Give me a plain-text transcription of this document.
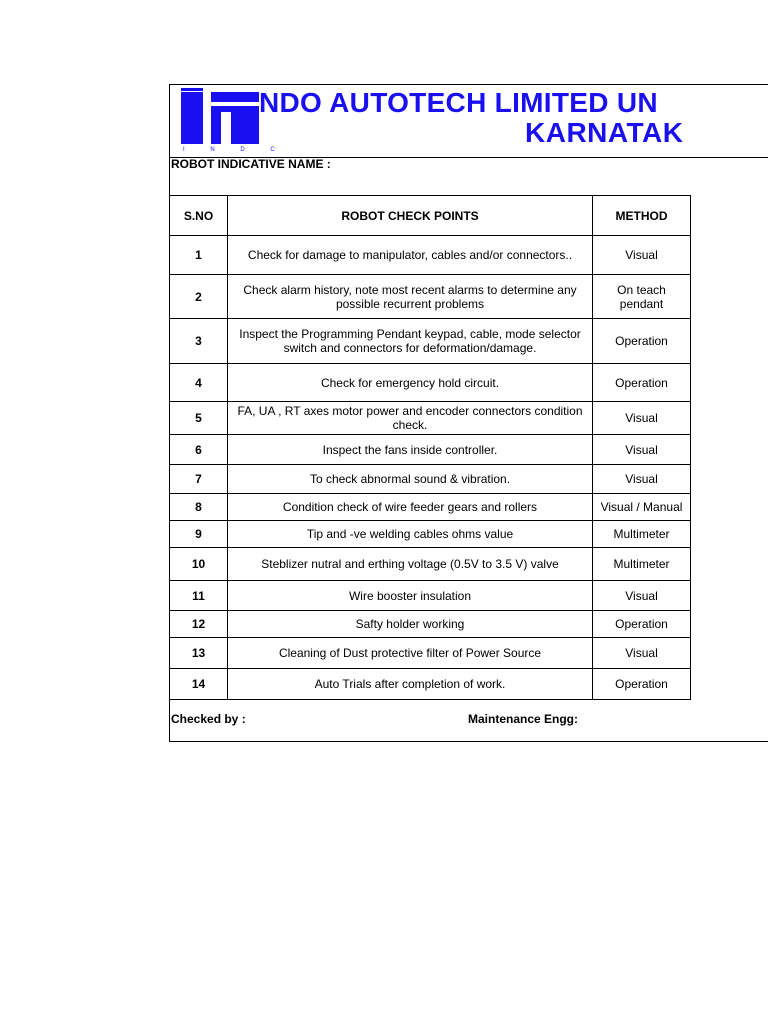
I N D C
NDO AUTOTECH LIMITED UN
KARNATAK
ROBOT INDICATIVE NAME :
S.NO	ROBOT CHECK POINTS	METHOD
1	Check for damage to manipulator, cables and/or connectors..	Visual
2	Check alarm history, note most recent alarms to determine any possible recurrent problems	On teach pendant
3	Inspect the Programming Pendant keypad, cable, mode selector switch and connectors for deformation/damage.	Operation
4	Check for emergency hold circuit.	Operation
5	FA, UA , RT axes motor power and encoder connectors condition check.	Visual
6	Inspect the fans inside controller.	Visual
7	To check abnormal sound & vibration.	Visual
8	Condition check of wire feeder gears and rollers	Visual / Manual
9	Tip and -ve welding cables ohms value	Multimeter
10	Steblizer nutral and erthing voltage (0.5V to 3.5 V) valve	Multimeter
11	Wire booster insulation	Visual
12	Safty holder working	Operation
13	Cleaning of Dust protective filter of Power Source	Visual
14	Auto Trials after completion of work.	Operation
Checked by :	Maintenance Engg:
